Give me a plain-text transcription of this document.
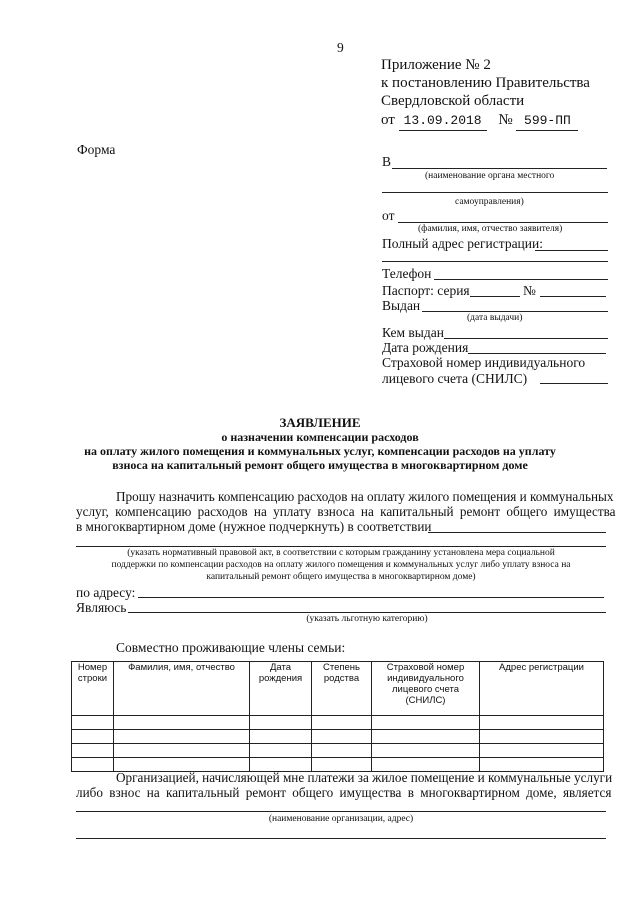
9
Приложение № 2
к постановлению Правительства
Свердловской области
от 13.09.2018 № 599-ПП
Форма
В
(наименование органа местного
самоуправления)
от
(фамилия, имя, отчество заявителя)
Полный адрес регистрации:
Телефон
Паспорт: серия	№
Выдан
(дата выдачи)
Кем выдан
Дата рождения
Страховой номер индивидуального
лицевого счета (СНИЛС)
ЗАЯВЛЕНИЕ
о назначении компенсации расходов
на оплату жилого помещения и коммунальных услуг, компенсации расходов на уплату
взноса на капитальный ремонт общего имущества в многоквартирном доме
Прошу назначить компенсацию расходов на оплату жилого помещения и коммунальных
услуг, компенсацию расходов на уплату взноса на капитальный ремонт общего имущества
в многоквартирном доме (нужное подчеркнуть) в соответствии
(указать нормативный правовой акт, в соответствии с которым гражданину установлена мера социальной
поддержки по компенсации расходов на оплату жилого помещения и коммунальных услуг либо уплату взноса на
капитальный ремонт общего имущества в многоквартирном доме)
по адресу:
Являюсь
(указать льготную категорию)
Совместно проживающие члены семьи:
Номер строки	Фамилия, имя, отчество	Дата рождения	Степень родства	Страховой номер индивидуального лицевого счета (СНИЛС)	Адрес регистрации

Организацией, начисляющей мне платежи за жилое помещение и коммунальные услуги
либо взнос на капитальный ремонт общего имущества в многоквартирном доме, является
(наименование организации, адрес)
